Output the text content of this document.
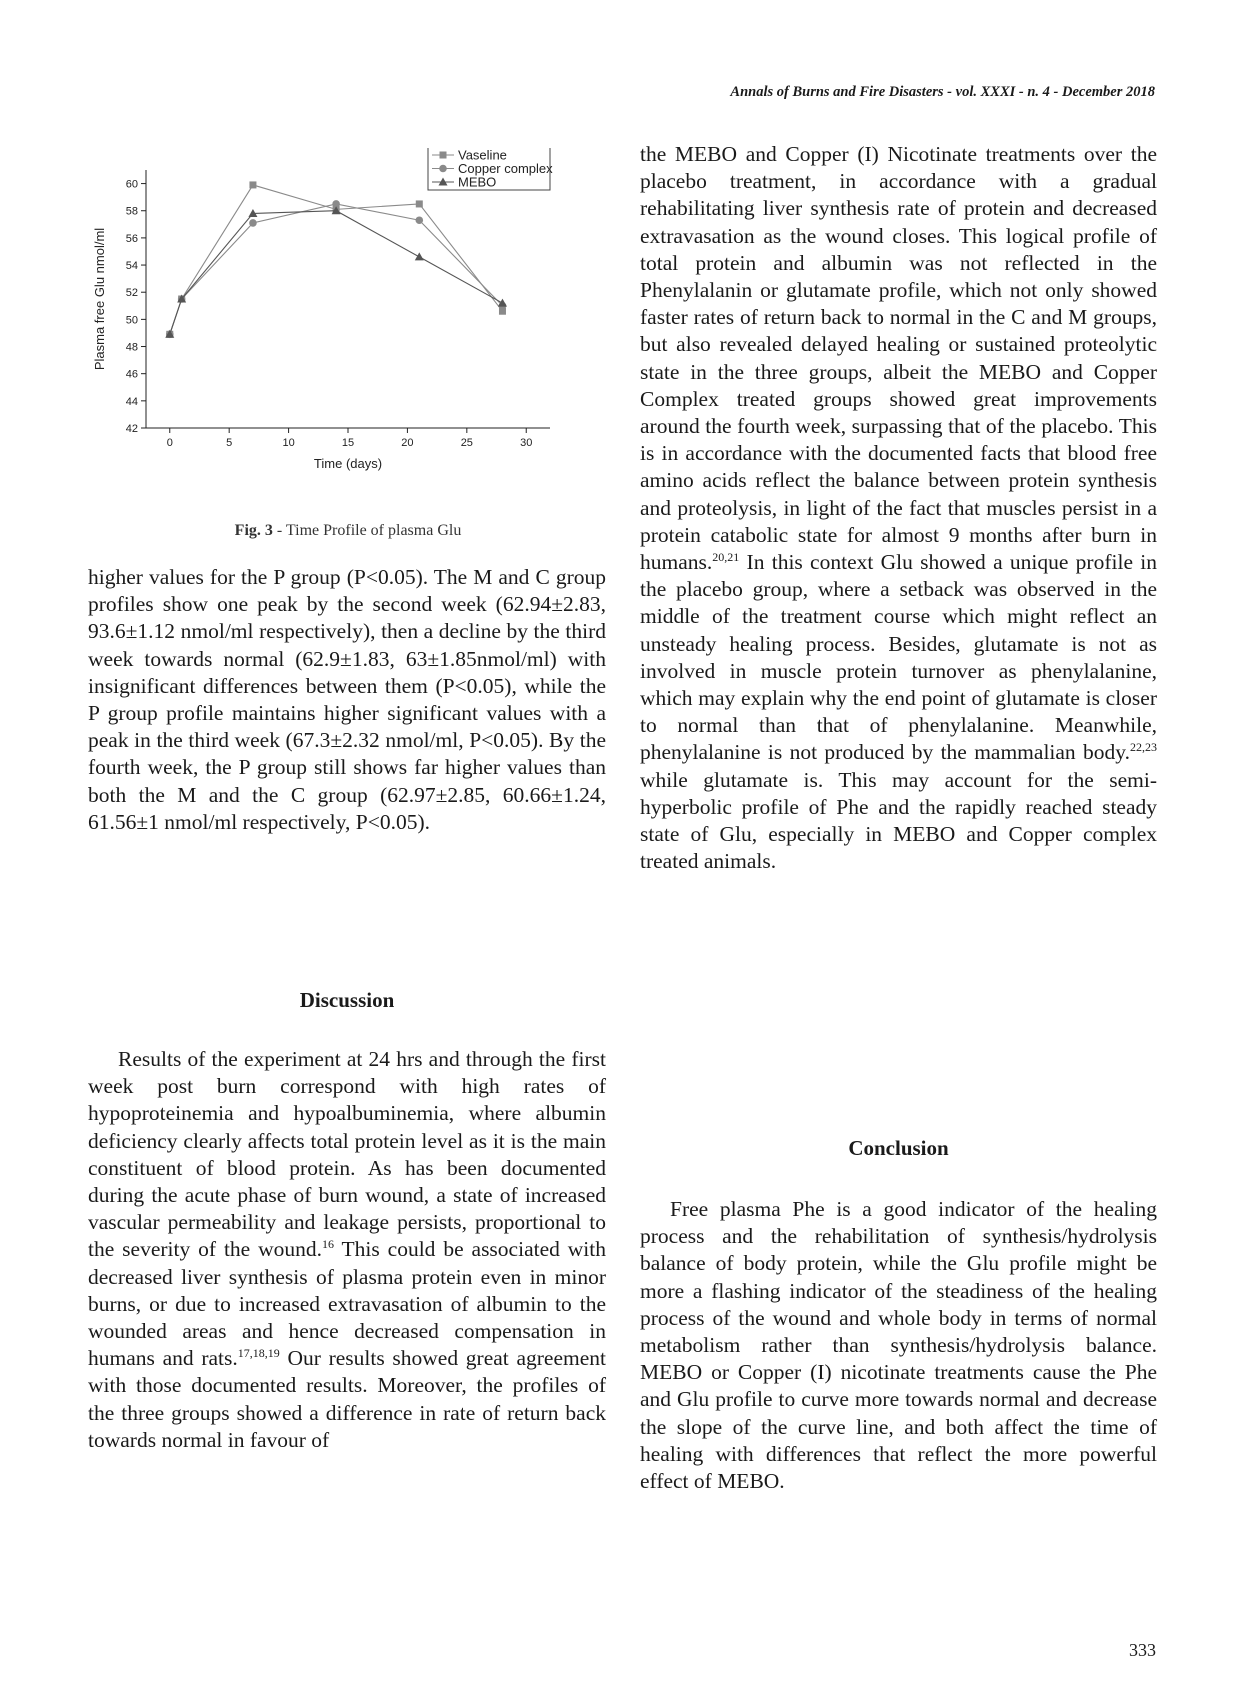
Annals of Burns and Fire Disasters - vol. XXXI - n. 4 - December 2018
42
44
46
48
50
52
54
56
58
60
0	5	10	15	20	25	30
Time (days)
Plasma free Glu nmol/ml
Vaseline
Copper complex
MEBO
Fig. 3 - Time Profile of plasma Glu

higher values for the P group (P<0.05). The M and C group profiles show one peak by the second week (62.94±2.83, 93.6±1.12 nmol/ml respectively), then a decline by the third week towards normal (62.9±1.83, 63±1.85nmol/ml) with insignificant differences between them (P<0.05), while the P group profile maintains higher significant values with a peak in the third week (67.3±2.32 nmol/ml, P<0.05). By the fourth week, the P group still shows far higher values than both the M and the C group (62.97±2.85, 60.66±1.24, 61.56±1 nmol/ml respectively, P<0.05).

Discussion

Results of the experiment at 24 hrs and through the first week post burn correspond with high rates of hypoproteinemia and hypoalbuminemia, where albumin deficiency clearly affects total protein level as it is the main constituent of blood protein. As has been documented during the acute phase of burn wound, a state of increased vascular permeability and leakage persists, proportional to the severity of the wound.$^{16}$ This could be associated with decreased liver synthesis of plasma protein even in minor burns, or due to increased extravasation of albumin to the wounded areas and hence decreased compensation in humans and rats.$^{17,18,19}$ Our results showed great agreement with those documented results. Moreover, the profiles of the three groups showed a difference in rate of return back towards normal in favour of

the MEBO and Copper (I) Nicotinate treatments over the placebo treatment, in accordance with a gradual rehabilitating liver synthesis rate of protein and decreased extravasation as the wound closes. This logical profile of total protein and albumin was not reflected in the Phenylalanin or glutamate profile, which not only showed faster rates of return back to normal in the C and M groups, but also revealed delayed healing or sustained proteolytic state in the three groups, albeit the MEBO and Copper Complex treated groups showed great improvements around the fourth week, surpassing that of the placebo. This is in accordance with the documented facts that blood free amino acids reflect the balance between protein synthesis and proteolysis, in light of the fact that muscles persist in a protein catabolic state for almost 9 months after burn in humans.$^{20,21}$ In this context Glu showed a unique profile in the placebo group, where a setback was observed in the middle of the treatment course which might reflect an unsteady healing process. Besides, glutamate is not as involved in muscle protein turnover as phenylalanine, which may explain why the end point of glutamate is closer to normal than that of phenylalanine. Meanwhile, phenylalanine is not produced by the mammalian body.$^{22,23}$ while glutamate is. This may account for the semi-hyperbolic profile of Phe and the rapidly reached steady state of Glu, especially in MEBO and Copper complex treated animals.

Conclusion

Free plasma Phe is a good indicator of the healing process and the rehabilitation of synthesis/hydrolysis balance of body protein, while the Glu profile might be more a flashing indicator of the steadiness of the healing process of the wound and whole body in terms of normal metabolism rather than synthesis/hydrolysis balance. MEBO or Copper (I) nicotinate treatments cause the Phe and Glu profile to curve more towards normal and decrease the slope of the curve line, and both affect the time of healing with differences that reflect the more powerful effect of MEBO.

333
